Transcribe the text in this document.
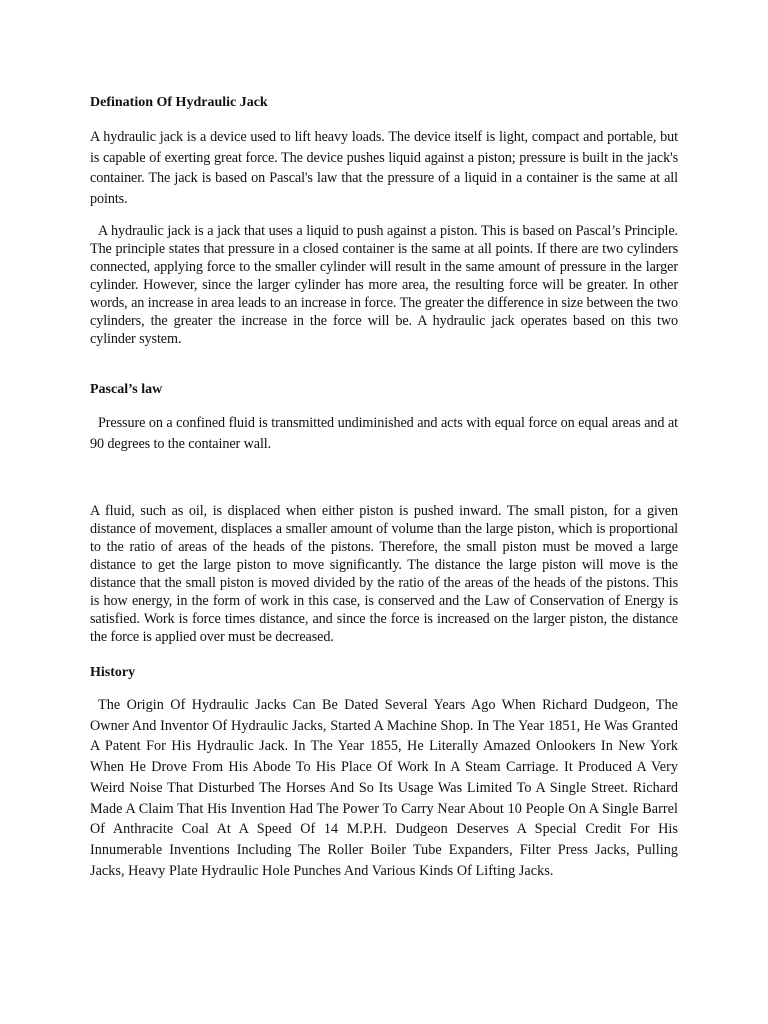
Defination Of Hydraulic Jack

A hydraulic jack is a device used to lift heavy loads. The device itself is light, compact and portable, but is capable of exerting great force. The device pushes liquid against a piston; pressure is built in the jack's container. The jack is based on Pascal's law that the pressure of a liquid in a container is the same at all points.

A hydraulic jack is a jack that uses a liquid to push against a piston. This is based on Pascal’s Principle. The principle states that pressure in a closed container is the same at all points. If there are two cylinders connected, applying force to the smaller cylinder will result in the same amount of pressure in the larger cylinder. However, since the larger cylinder has more area, the resulting force will be greater. In other words, an increase in area leads to an increase in force. The greater the difference in size between the two cylinders, the greater the increase in the force will be. A hydraulic jack operates based on this two cylinder system.

Pascal’s law

Pressure on a confined fluid is transmitted undiminished and acts with equal force on equal areas and at 90 degrees to the container wall.

A fluid, such as oil, is displaced when either piston is pushed inward. The small piston, for a given distance of movement, displaces a smaller amount of volume than the large piston, which is proportional to the ratio of areas of the heads of the pistons. Therefore, the small piston must be moved a large distance to get the large piston to move significantly. The distance the large piston will move is the distance that the small piston is moved divided by the ratio of the areas of the heads of the pistons. This is how energy, in the form of work in this case, is conserved and the Law of Conservation of Energy is satisfied. Work is force times distance, and since the force is increased on the larger piston, the distance the force is applied over must be decreased.

History

The Origin Of Hydraulic Jacks Can Be Dated Several Years Ago When Richard Dudgeon, The Owner And Inventor Of Hydraulic Jacks, Started A Machine Shop. In The Year 1851, He Was Granted A Patent For His Hydraulic Jack. In The Year 1855, He Literally Amazed Onlookers In New York When He Drove From His Abode To His Place Of Work In A Steam Carriage. It Produced A Very Weird Noise That Disturbed The Horses And So Its Usage Was Limited To A Single Street. Richard Made A Claim That His Invention Had The Power To Carry Near About 10 People On A Single Barrel Of Anthracite Coal At A Speed Of 14 M.P.H. Dudgeon Deserves A Special Credit For His Innumerable Inventions Including The Roller Boiler Tube Expanders, Filter Press Jacks, Pulling Jacks, Heavy Plate Hydraulic Hole Punches And Various Kinds Of Lifting Jacks.
